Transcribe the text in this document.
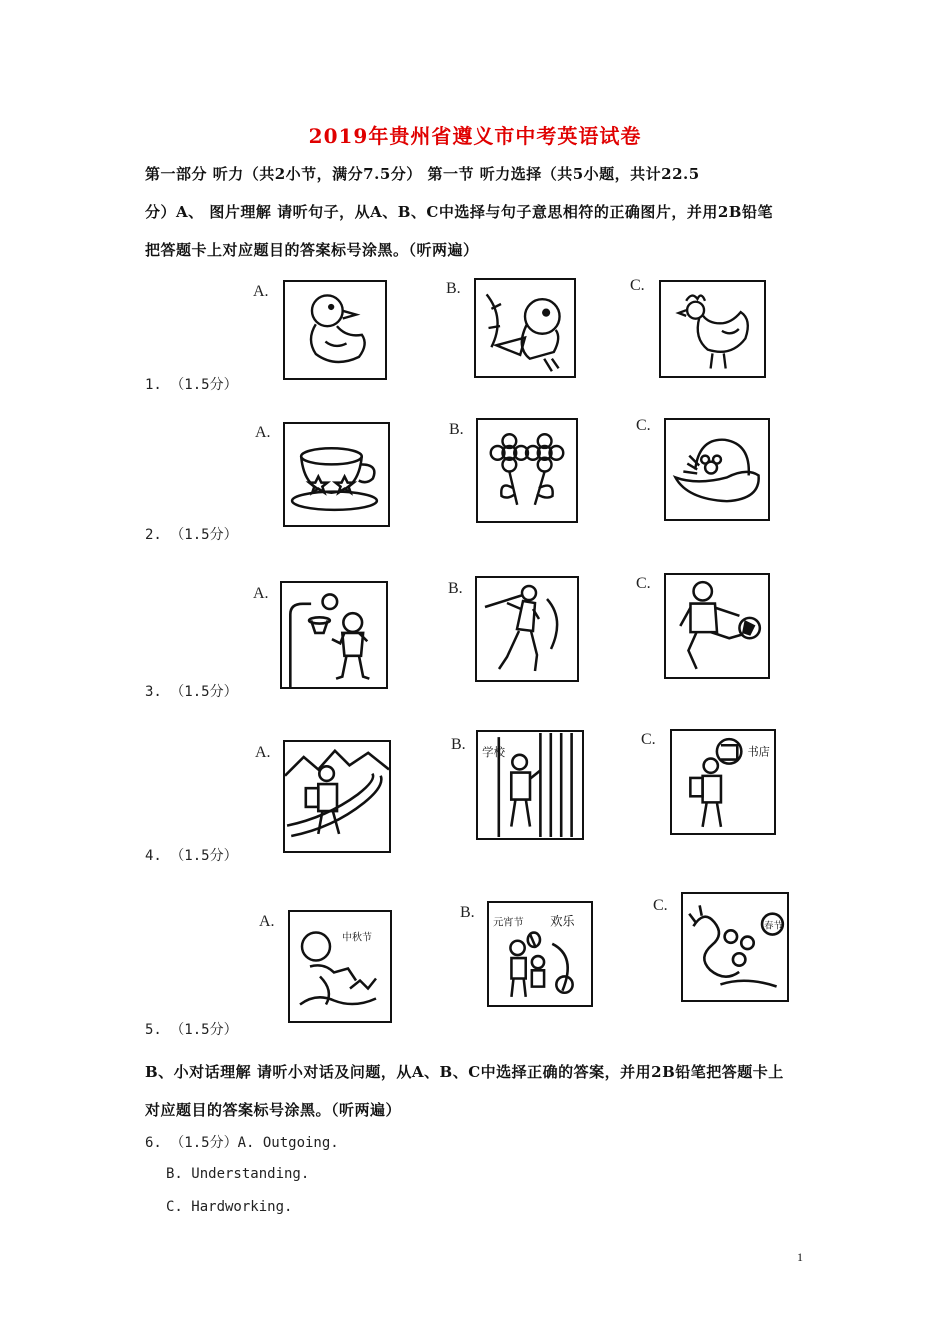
2019年贵州省遵义市中考英语试卷
第一部分 听力（共2小节，满分7.5分） 第一节 听力选择（共5小题，共计22.5
分）A、 图片理解 请听句子，从A、B、C中选择与句子意思相符的正确图片，并用2B铅笔
把答题卡上对应题目的答案标号涂黑。（听两遍）
A.	B.	C.
1. （1.5分）
A.	B.	C.
2. （1.5分）
A.	B.	C.
3. （1.5分）
A.	B. 学校
C.
书店
4. （1.5分）
A.
中秋节
B.
元宵节 欢乐
C.
春节
5. （1.5分）
B、小对话理解 请听小对话及问题，从A、B、C中选择正确的答案，并用2B铅笔把答题卡上
对应题目的答案标号涂黑。（听两遍）
6. （1.5分）A. Outgoing.
B. Understanding.
C. Hardworking.
1
